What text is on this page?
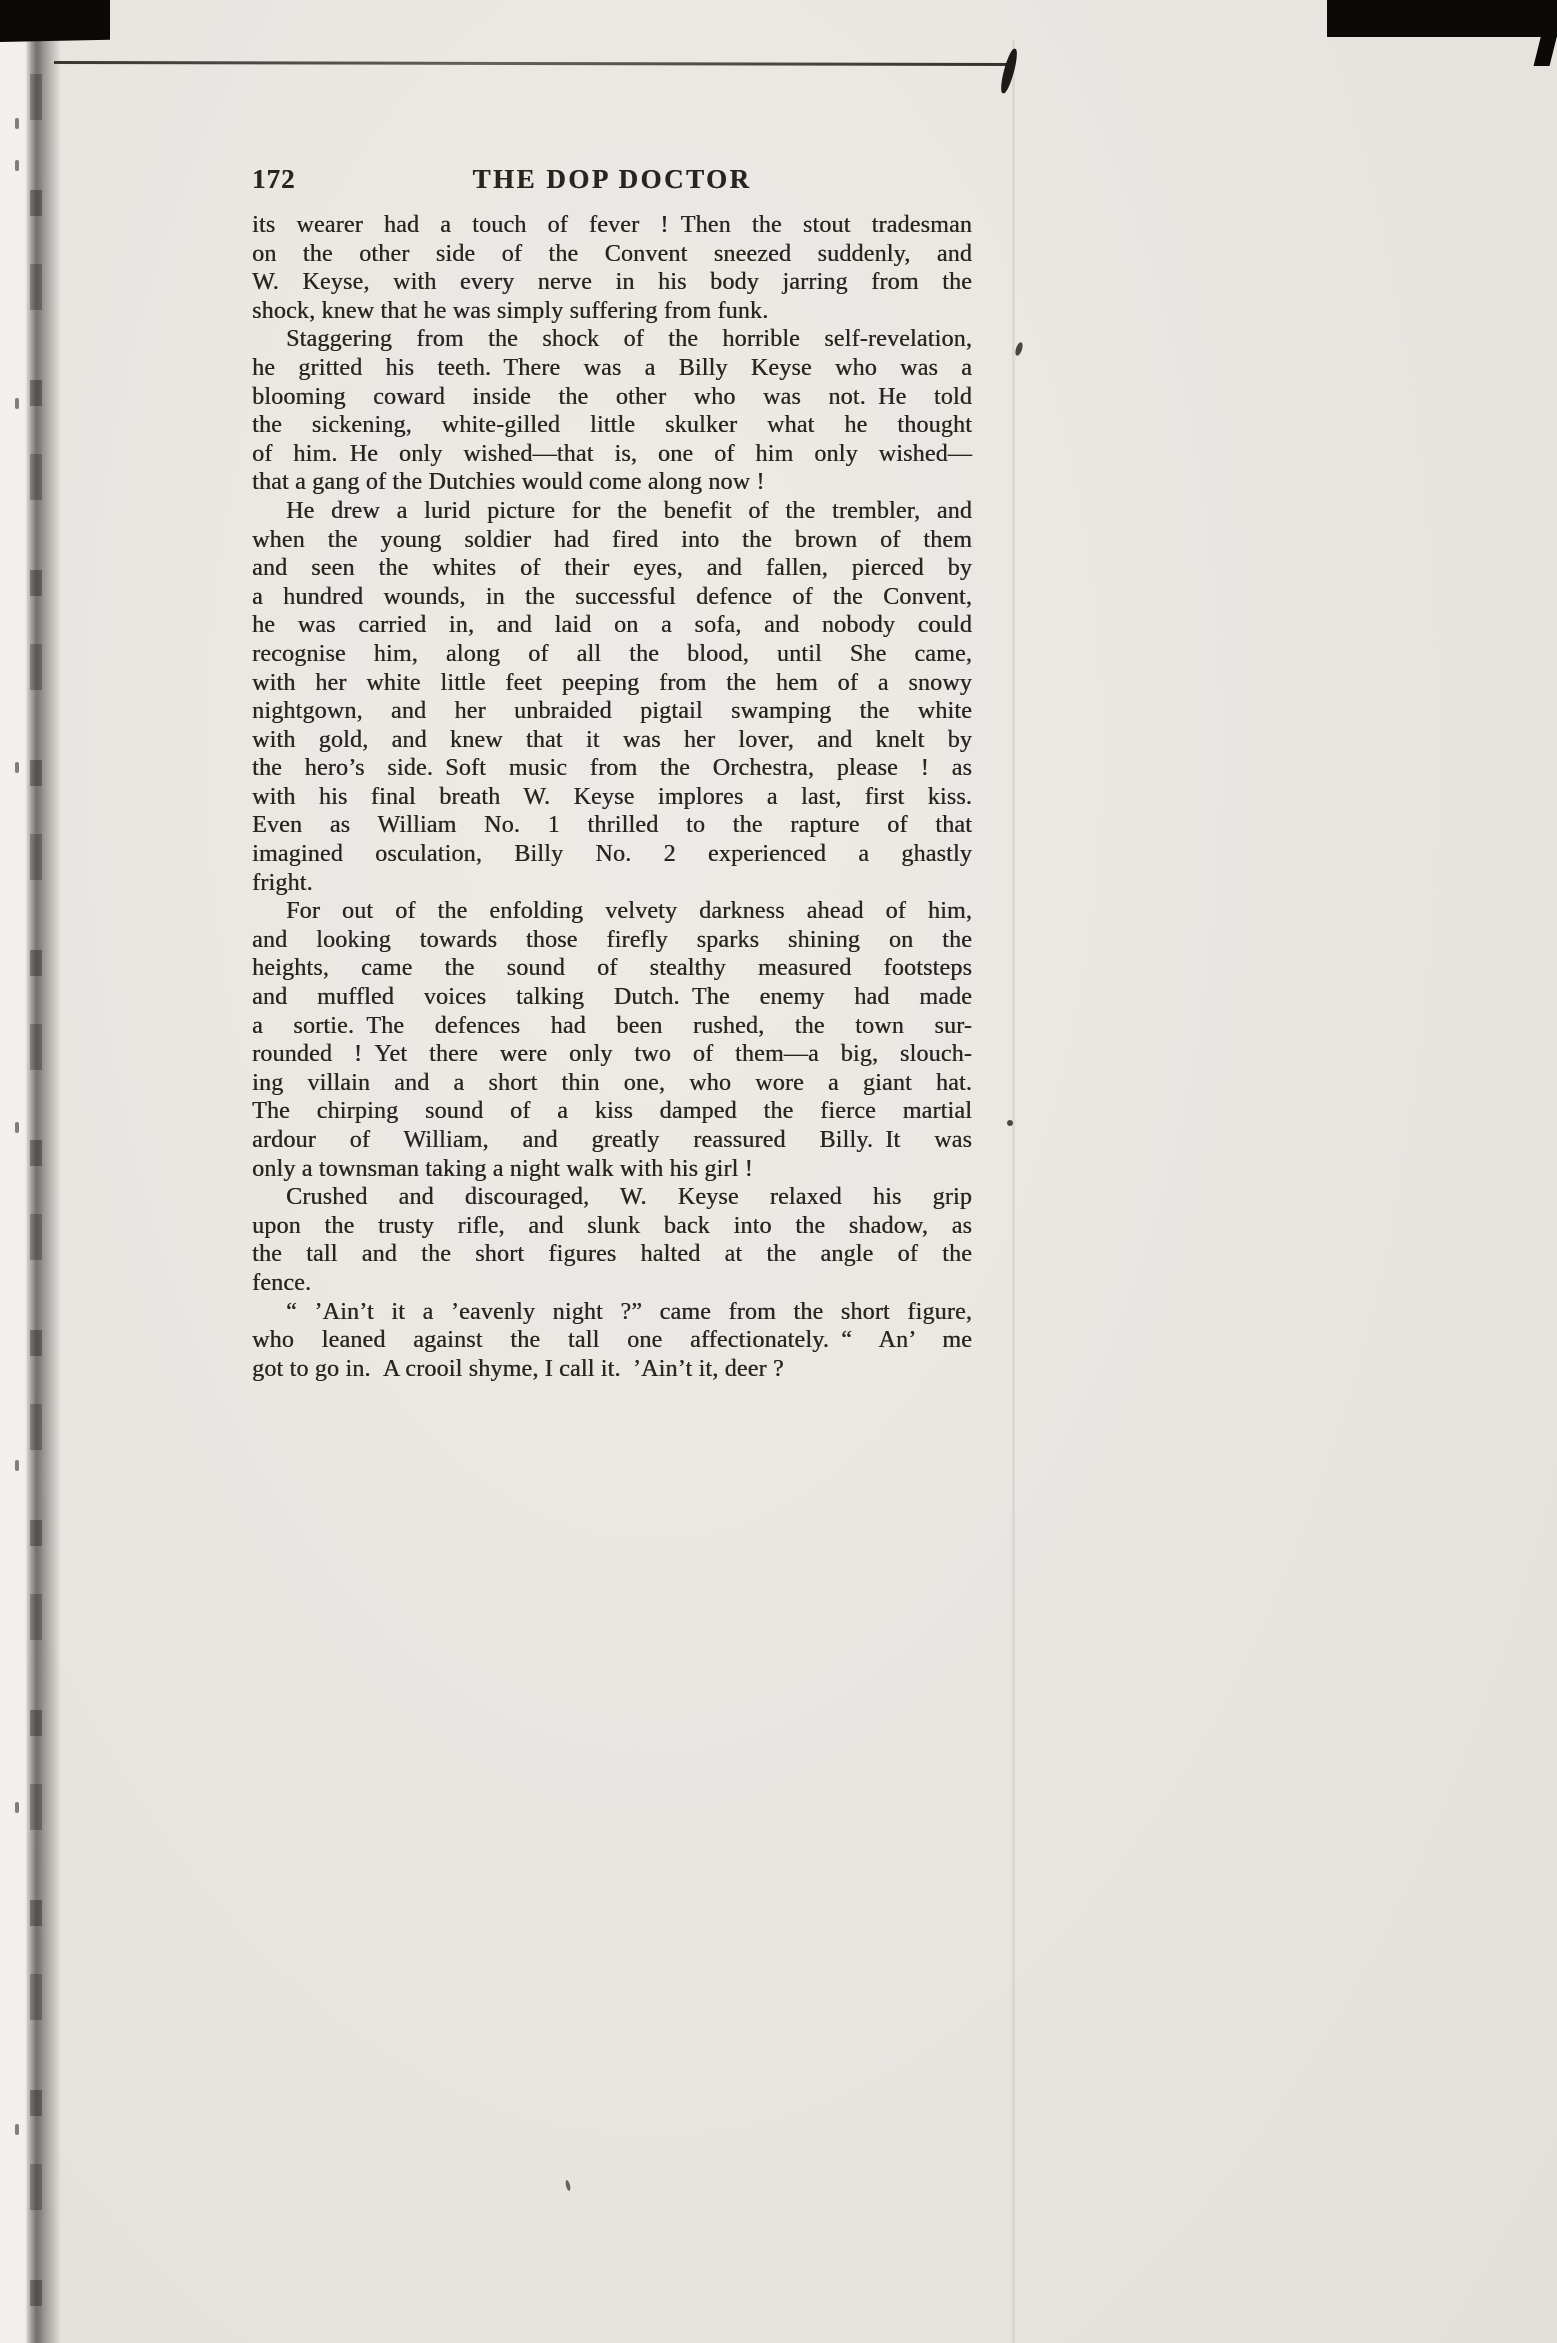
172	THE DOP DOCTOR
its wearer had a touch of fever ! Then the stout tradesman
on the other side of the Convent sneezed suddenly, and
W. Keyse, with every nerve in his body jarring from the
shock, knew that he was simply suffering from funk.
Staggering from the shock of the horrible self-revelation,
he gritted his teeth. There was a Billy Keyse who was a
blooming coward inside the other who was not. He told
the sickening, white-gilled little skulker what he thought
of him. He only wished—that is, one of him only wished—
that a gang of the Dutchies would come along now !
He drew a lurid picture for the benefit of the trembler, and
when the young soldier had fired into the brown of them
and seen the whites of their eyes, and fallen, pierced by
a hundred wounds, in the successful defence of the Convent,
he was carried in, and laid on a sofa, and nobody could
recognise him, along of all the blood, until She came,
with her white little feet peeping from the hem of a snowy
nightgown, and her unbraided pigtail swamping the white
with gold, and knew that it was her lover, and knelt by
the hero’s side. Soft music from the Orchestra, please ! as
with his final breath W. Keyse implores a last, first kiss.
Even as William No. 1 thrilled to the rapture of that
imagined osculation, Billy No. 2 experienced a ghastly
fright.
For out of the enfolding velvety darkness ahead of him,
and looking towards those firefly sparks shining on the
heights, came the sound of stealthy measured footsteps
and muffled voices talking Dutch. The enemy had made
a sortie. The defences had been rushed, the town sur-
rounded ! Yet there were only two of them—a big, slouch-
ing villain and a short thin one, who wore a giant hat.
The chirping sound of a kiss damped the fierce martial
ardour of William, and greatly reassured Billy. It was
only a townsman taking a night walk with his girl !
Crushed and discouraged, W. Keyse relaxed his grip
upon the trusty rifle, and slunk back into the shadow, as
the tall and the short figures halted at the angle of the
fence.
“ ’Ain’t it a ’eavenly night ?” came from the short figure,
who leaned against the tall one affectionately. “ An’ me
got to go in. A crooil shyme, I call it. ’Ain’t it, deer ?
